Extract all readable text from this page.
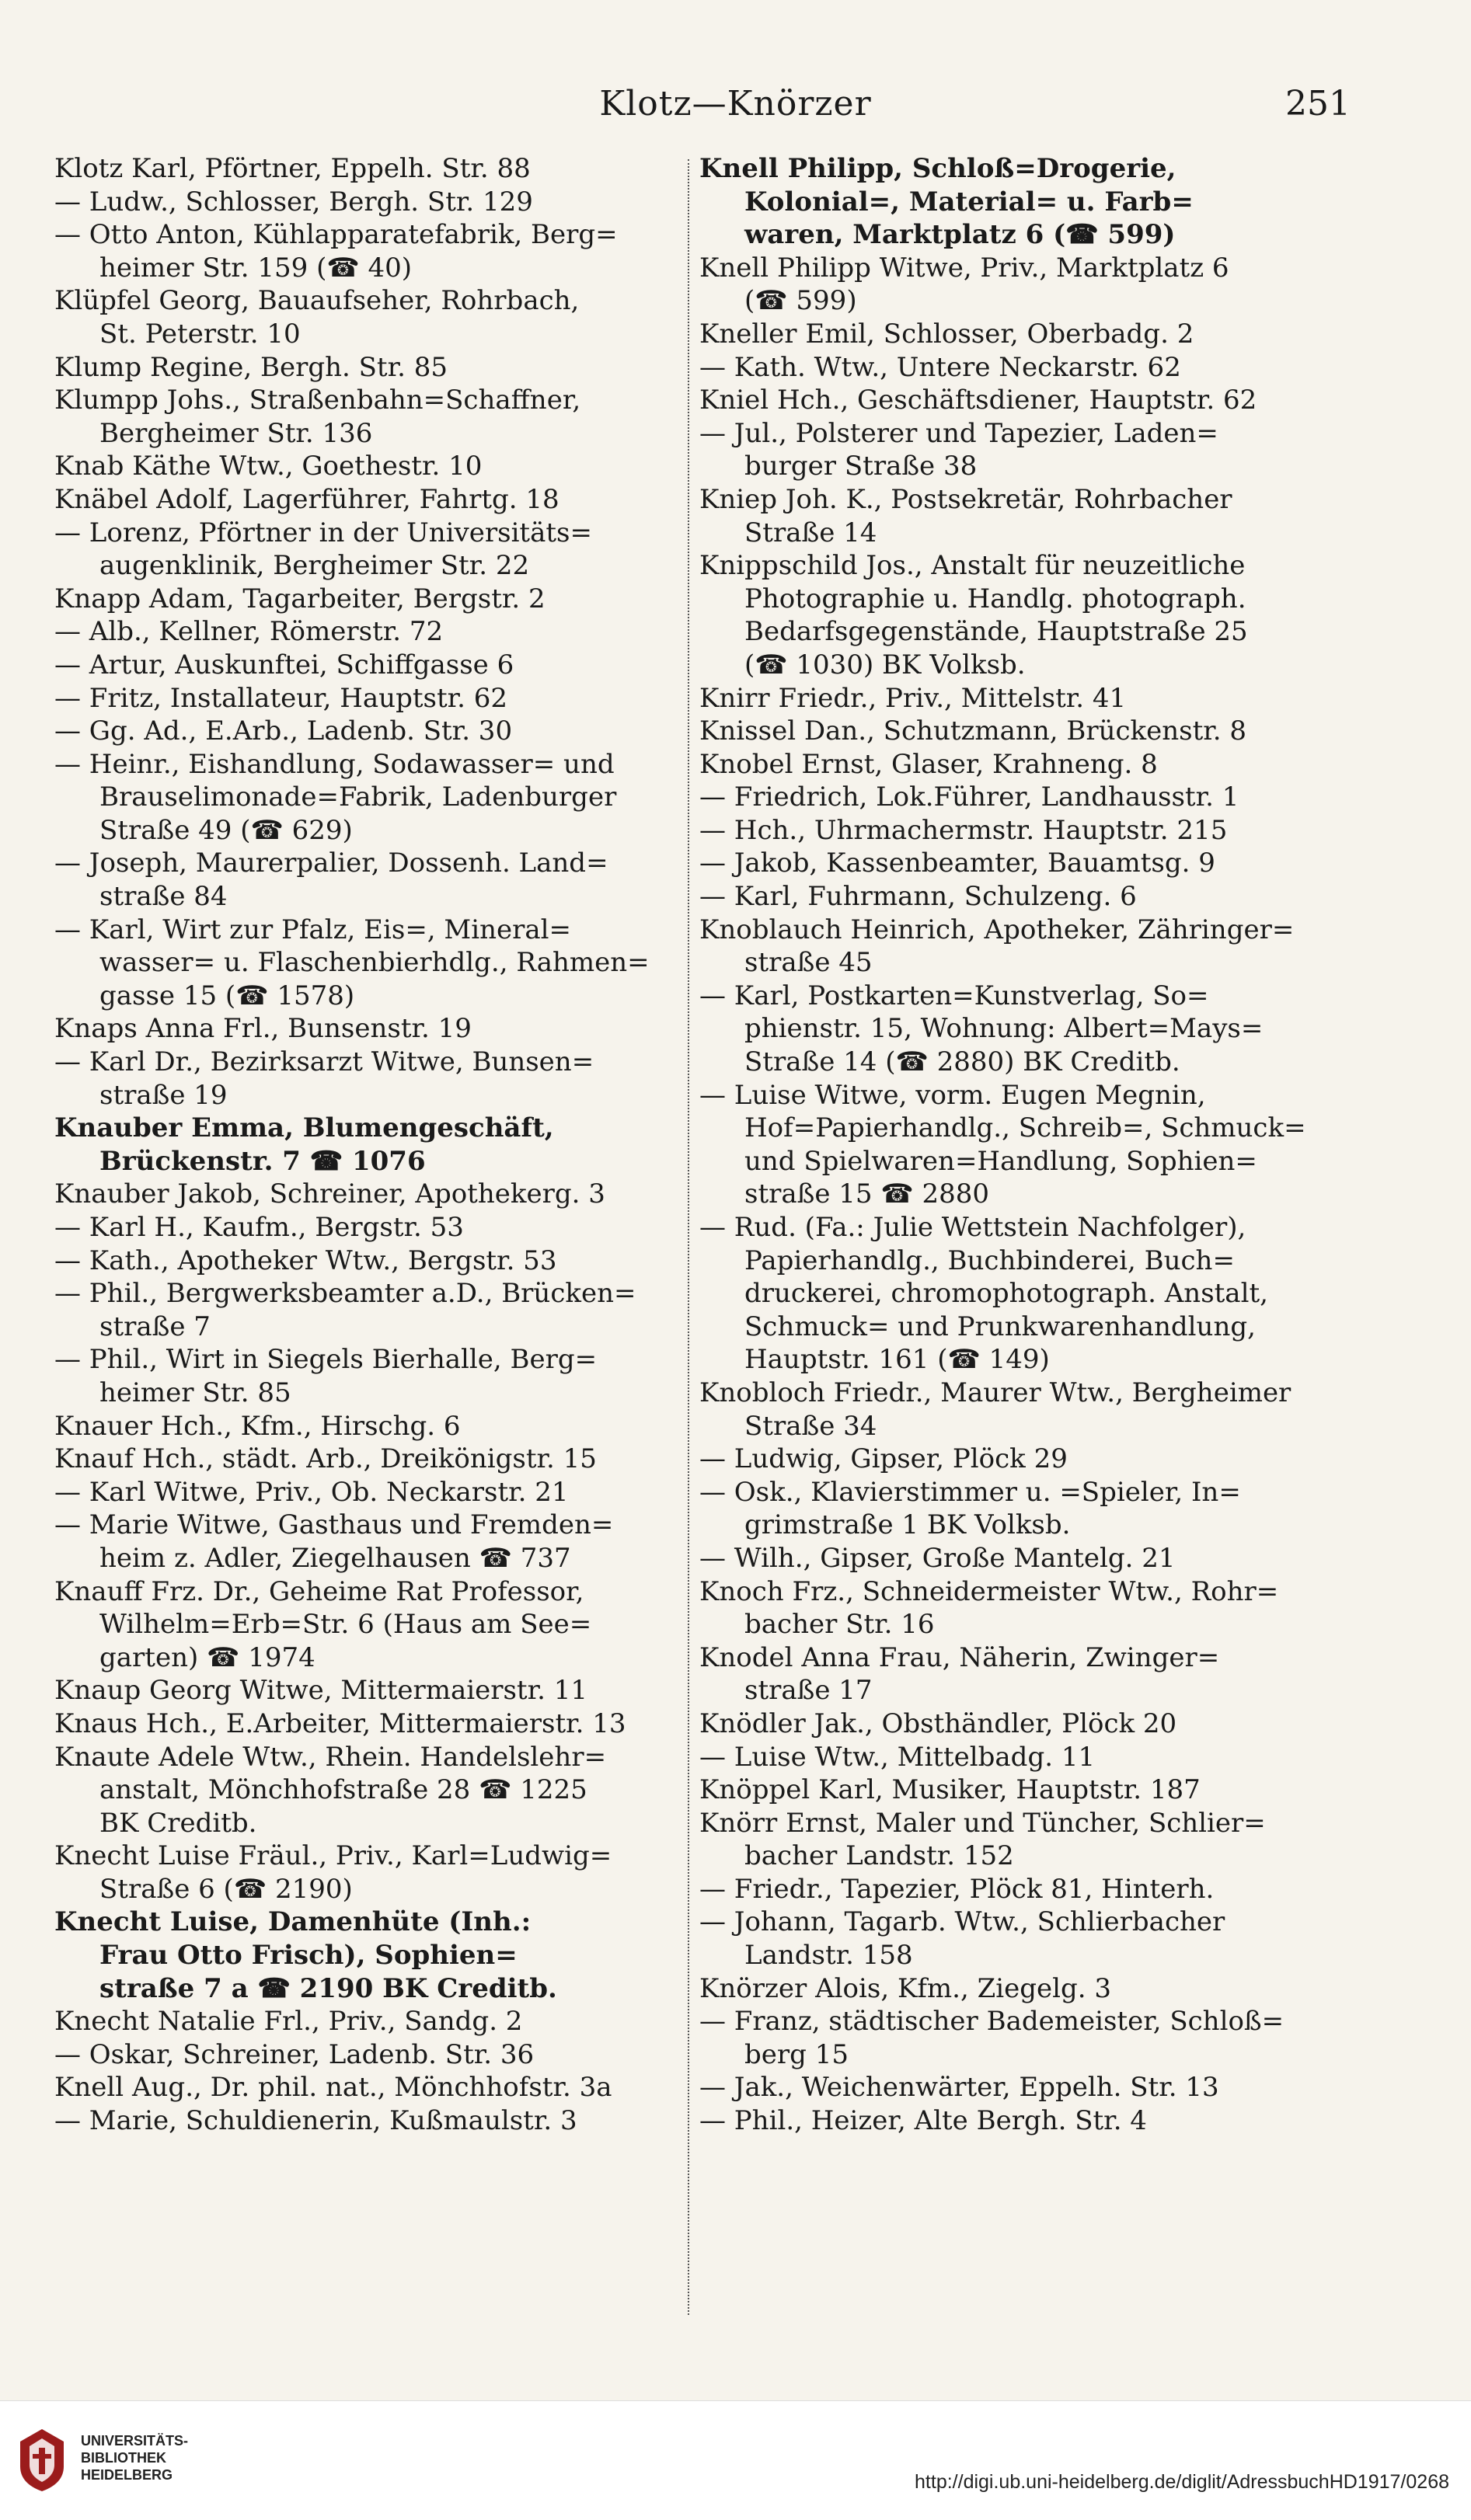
Klotz—Knörzer	251
Klotz Karl, Pförtner, Eppelh. Str. 88
— Ludw., Schlosser, Bergh. Str. 129
— Otto Anton, Kühlapparatefabrik, Berg=
heimer Str. 159 (☎ 40)
Klüpfel Georg, Bauaufseher, Rohrbach,
St. Peterstr. 10
Klump Regine, Bergh. Str. 85
Klumpp Johs., Straßenbahn=Schaffner,
Bergheimer Str. 136
Knab Käthe Wtw., Goethestr. 10
Knäbel Adolf, Lagerführer, Fahrtg. 18
— Lorenz, Pförtner in der Universitäts=
augenklinik, Bergheimer Str. 22
Knapp Adam, Tagarbeiter, Bergstr. 2
— Alb., Kellner, Römerstr. 72
— Artur, Auskunftei, Schiffgasse 6
— Fritz, Installateur, Hauptstr. 62
— Gg. Ad., E.Arb., Ladenb. Str. 30
— Heinr., Eishandlung, Sodawasser= und
Brauselimonade=Fabrik, Ladenburger
Straße 49 (☎ 629)
— Joseph, Maurerpalier, Dossenh. Land=
straße 84
— Karl, Wirt zur Pfalz, Eis=, Mineral=
wasser= u. Flaschenbierhdlg., Rahmen=
gasse 15 (☎ 1578)
Knaps Anna Frl., Bunsenstr. 19
— Karl Dr., Bezirksarzt Witwe, Bunsen=
straße 19
Knauber Emma, Blumengeschäft,
Brückenstr. 7 ☎ 1076
Knauber Jakob, Schreiner, Apothekerg. 3
— Karl H., Kaufm., Bergstr. 53
— Kath., Apotheker Wtw., Bergstr. 53
— Phil., Bergwerksbeamter a.D., Brücken=
straße 7
— Phil., Wirt in Siegels Bierhalle, Berg=
heimer Str. 85
Knauer Hch., Kfm., Hirschg. 6
Knauf Hch., städt. Arb., Dreikönigstr. 15
— Karl Witwe, Priv., Ob. Neckarstr. 21
— Marie Witwe, Gasthaus und Fremden=
heim z. Adler, Ziegelhausen ☎ 737
Knauff Frz. Dr., Geheime Rat Professor,
Wilhelm=Erb=Str. 6 (Haus am See=
garten) ☎ 1974
Knaup Georg Witwe, Mittermaierstr. 11
Knaus Hch., E.Arbeiter, Mittermaierstr. 13
Knaute Adele Wtw., Rhein. Handelslehr=
anstalt, Mönchhofstraße 28 ☎ 1225
BK Creditb.
Knecht Luise Fräul., Priv., Karl=Ludwig=
Straße 6 (☎ 2190)
Knecht Luise, Damenhüte (Inh.:
Frau Otto Frisch), Sophien=
straße 7 a ☎ 2190 BK Creditb.
Knecht Natalie Frl., Priv., Sandg. 2
— Oskar, Schreiner, Ladenb. Str. 36
Knell Aug., Dr. phil. nat., Mönchhofstr. 3a
— Marie, Schuldienerin, Kußmaulstr. 3
Knell Philipp, Schloß=Drogerie,
Kolonial=, Material= u. Farb=
waren, Marktplatz 6 (☎ 599)
Knell Philipp Witwe, Priv., Marktplatz 6
(☎ 599)
Kneller Emil, Schlosser, Oberbadg. 2
— Kath. Wtw., Untere Neckarstr. 62
Kniel Hch., Geschäftsdiener, Hauptstr. 62
— Jul., Polsterer und Tapezier, Laden=
burger Straße 38
Kniep Joh. K., Postsekretär, Rohrbacher
Straße 14
Knippschild Jos., Anstalt für neuzeitliche
Photographie u. Handlg. photograph.
Bedarfsgegenstände, Hauptstraße 25
(☎ 1030) BK Volksb.
Knirr Friedr., Priv., Mittelstr. 41
Knissel Dan., Schutzmann, Brückenstr. 8
Knobel Ernst, Glaser, Krahneng. 8
— Friedrich, Lok.Führer, Landhausstr. 1
— Hch., Uhrmachermstr. Hauptstr. 215
— Jakob, Kassenbeamter, Bauamtsg. 9
— Karl, Fuhrmann, Schulzeng. 6
Knoblauch Heinrich, Apotheker, Zähringer=
straße 45
— Karl, Postkarten=Kunstverlag, So=
phienstr. 15, Wohnung: Albert=Mays=
Straße 14 (☎ 2880) BK Creditb.
— Luise Witwe, vorm. Eugen Megnin,
Hof=Papierhandlg., Schreib=, Schmuck=
und Spielwaren=Handlung, Sophien=
straße 15 ☎ 2880
— Rud. (Fa.: Julie Wettstein Nachfolger),
Papierhandlg., Buchbinderei, Buch=
druckerei, chromophotograph. Anstalt,
Schmuck= und Prunkwarenhandlung,
Hauptstr. 161 (☎ 149)
Knobloch Friedr., Maurer Wtw., Bergheimer
Straße 34
— Ludwig, Gipser, Plöck 29
— Osk., Klavierstimmer u. =Spieler, In=
grimstraße 1 BK Volksb.
— Wilh., Gipser, Große Mantelg. 21
Knoch Frz., Schneidermeister Wtw., Rohr=
bacher Str. 16
Knodel Anna Frau, Näherin, Zwinger=
straße 17
Knödler Jak., Obsthändler, Plöck 20
— Luise Wtw., Mittelbadg. 11
Knöppel Karl, Musiker, Hauptstr. 187
Knörr Ernst, Maler und Tüncher, Schlier=
bacher Landstr. 152
— Friedr., Tapezier, Plöck 81, Hinterh.
— Johann, Tagarb. Wtw., Schlierbacher
Landstr. 158
Knörzer Alois, Kfm., Ziegelg. 3
— Franz, städtischer Bademeister, Schloß=
berg 15
— Jak., Weichenwärter, Eppelh. Str. 13
— Phil., Heizer, Alte Bergh. Str. 4
UNIVERSITÄTS-
BIBLIOTHEK
HEIDELBERG	http://digi.ub.uni-heidelberg.de/diglit/AdressbuchHD1917/0268
